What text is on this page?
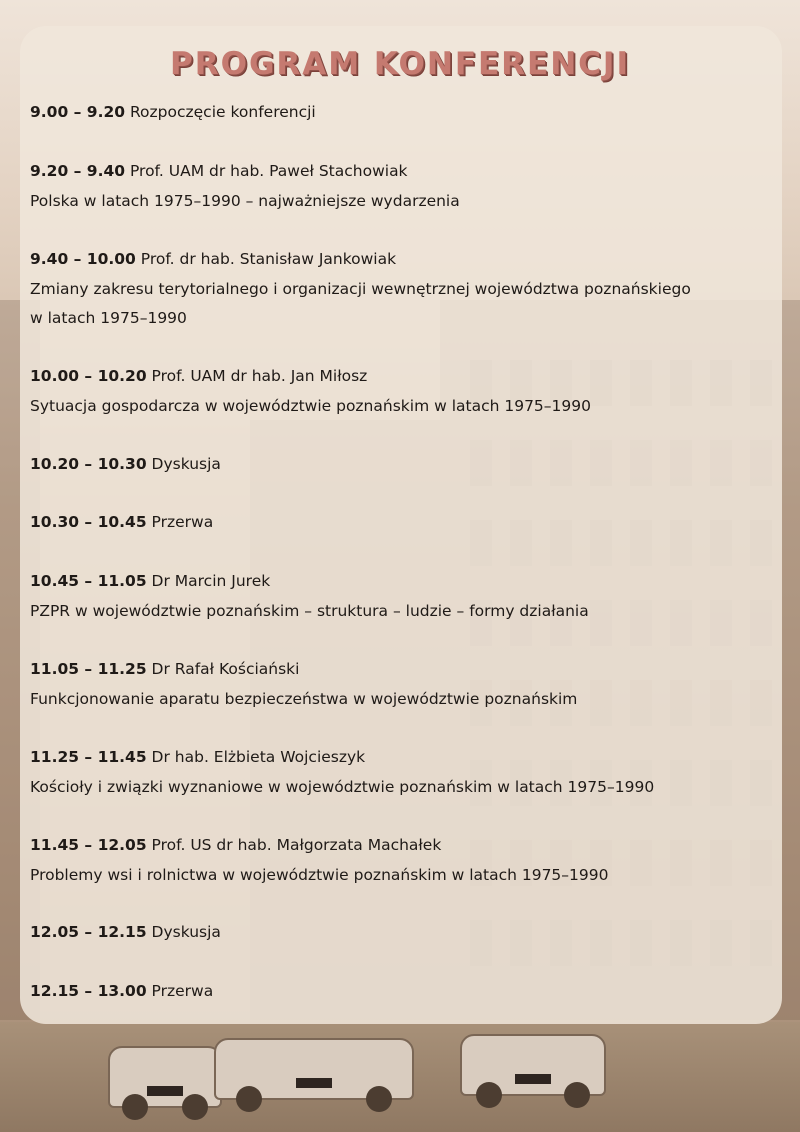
PROGRAM KONFERENCJI
9.00 – 9.20 Rozpoczęcie konferencji
9.20 – 9.40 Prof. UAM dr hab. Paweł Stachowiak
Polska w latach 1975–1990 – najważniejsze wydarzenia
9.40 – 10.00 Prof. dr hab. Stanisław Jankowiak
Zmiany zakresu terytorialnego i organizacji wewnętrznej województwa poznańskiego
w latach 1975–1990
10.00 – 10.20 Prof. UAM dr hab. Jan Miłosz
Sytuacja gospodarcza w województwie poznańskim w latach 1975–1990
10.20 – 10.30 Dyskusja
10.30 – 10.45 Przerwa
10.45 – 11.05 Dr Marcin Jurek
PZPR w województwie poznańskim – struktura – ludzie – formy działania
11.05 – 11.25 Dr Rafał Kościański
Funkcjonowanie aparatu bezpieczeństwa w województwie poznańskim
11.25 – 11.45 Dr hab. Elżbieta Wojcieszyk
Kościoły i związki wyznaniowe w województwie poznańskim w latach 1975–1990
11.45 – 12.05 Prof. US dr hab. Małgorzata Machałek
Problemy wsi i rolnictwa w województwie poznańskim w latach 1975–1990
12.05 – 12.15 Dyskusja
12.15 – 13.00 Przerwa
